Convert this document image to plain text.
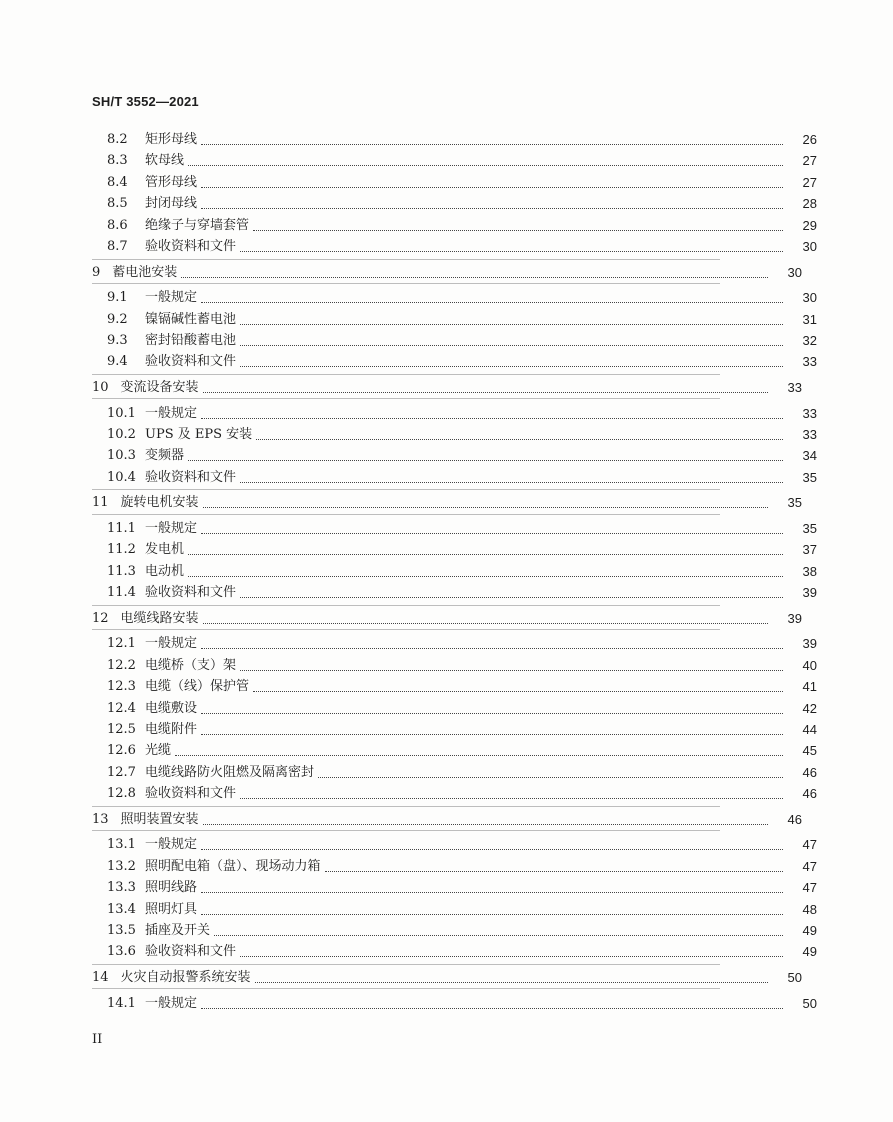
SH/T 3552—2021
8.2	矩形母线	26
8.3	软母线	27
8.4	管形母线	27
8.5	封闭母线	28
8.6	绝缘子与穿墙套管	29
8.7	验收资料和文件	30
9 蓄电池安装	30
9.1	一般规定	30
9.2	镍镉碱性蓄电池	31
9.3	密封铅酸蓄电池	32
9.4	验收资料和文件	33
10 变流设备安装	33
10.1 一般规定	33
10.2 UPS 及 EPS 安装	33
10.3 变频器	34
10.4 验收资料和文件	35
11 旋转电机安装	35
11.1 一般规定	35
11.2 发电机	37
11.3 电动机	38
11.4 验收资料和文件	39
12 电缆线路安装	39
12.1 一般规定	39
12.2 电缆桥（支）架	40
12.3 电缆（线）保护管	41
12.4 电缆敷设	42
12.5 电缆附件	44
12.6 光缆	45
12.7 电缆线路防火阻燃及隔离密封	46
12.8 验收资料和文件	46
13 照明装置安装	46
13.1 一般规定	47
13.2 照明配电箱（盘）、现场动力箱	47
13.3 照明线路	47
13.4 照明灯具	48
13.5 插座及开关	49
13.6 验收资料和文件	49
14 火灾自动报警系统安装	50
14.1 一般规定	50
II
